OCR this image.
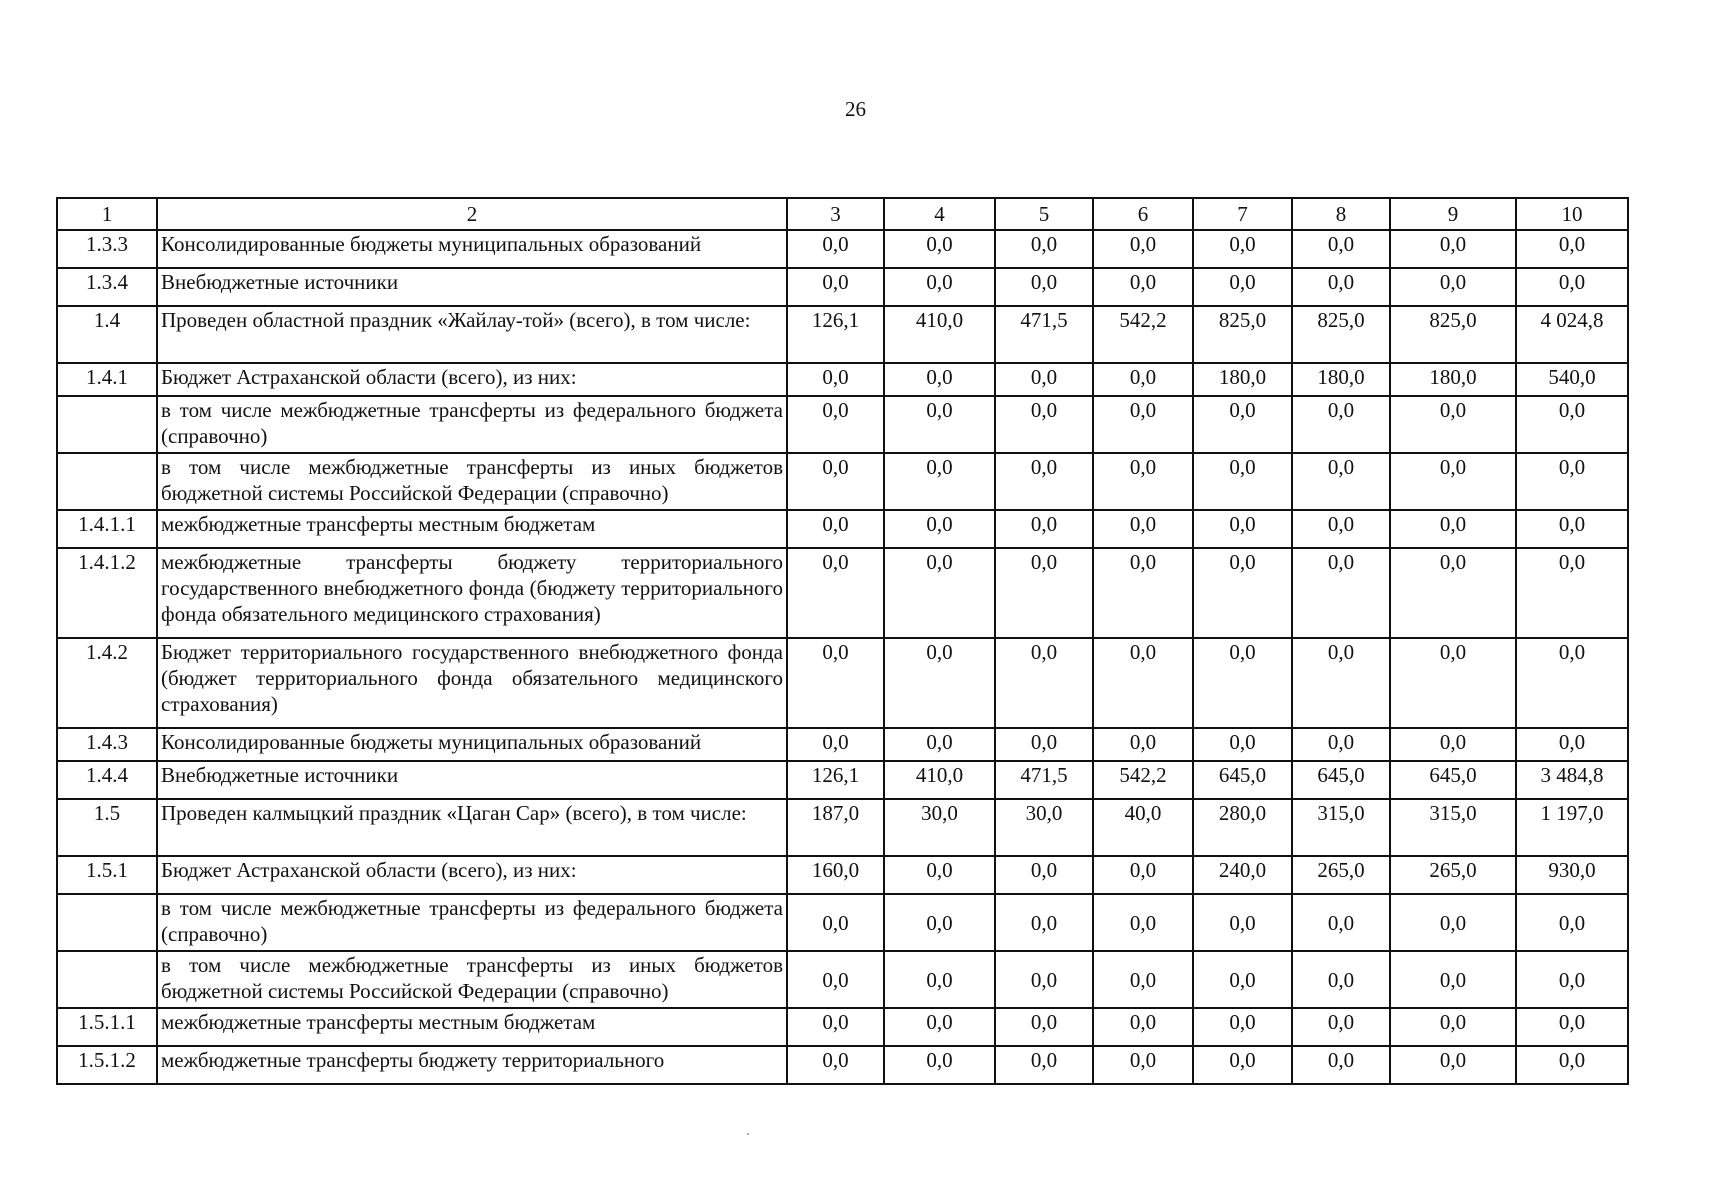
26
1	2	3	4	5	6	7	8	9	10
1.3.3	Консолидированные бюджеты муниципальных образований	0,0	0,0	0,0	0,0	0,0	0,0	0,0	0,0
1.3.4	Внебюджетные источники	0,0	0,0	0,0	0,0	0,0	0,0	0,0	0,0
1.4	Проведен областной праздник «Жайлау-той» (всего), в том числе:	126,1	410,0	471,5	542,2	825,0	825,0	825,0	4 024,8
1.4.1	Бюджет Астраханской области (всего), из них:	0,0	0,0	0,0	0,0	180,0	180,0	180,0	540,0
	в том числе межбюджетные трансферты из федерального бюджета (справочно)	0,0	0,0	0,0	0,0	0,0	0,0	0,0	0,0
	в том числе межбюджетные трансферты из иных бюджетов бюджетной системы Российской Федерации (справочно)	0,0	0,0	0,0	0,0	0,0	0,0	0,0	0,0
1.4.1.1	межбюджетные трансферты местным бюджетам	0,0	0,0	0,0	0,0	0,0	0,0	0,0	0,0
1.4.1.2	межбюджетные трансферты бюджету территориального государственного внебюджетного фонда (бюджету территориального фонда обязательного медицинского страхования)	0,0	0,0	0,0	0,0	0,0	0,0	0,0	0,0
1.4.2	Бюджет территориального государственного внебюджетного фонда (бюджет территориального фонда обязательного медицинского страхования)	0,0	0,0	0,0	0,0	0,0	0,0	0,0	0,0
1.4.3	Консолидированные бюджеты муниципальных образований	0,0	0,0	0,0	0,0	0,0	0,0	0,0	0,0
1.4.4	Внебюджетные источники	126,1	410,0	471,5	542,2	645,0	645,0	645,0	3 484,8
1.5	Проведен калмыцкий праздник «Цаган Сар» (всего), в том числе:	187,0	30,0	30,0	40,0	280,0	315,0	315,0	1 197,0
1.5.1	Бюджет Астраханской области (всего), из них:	160,0	0,0	0,0	0,0	240,0	265,0	265,0	930,0
	в том числе межбюджетные трансферты из федерального бюджета (справочно)	0,0	0,0	0,0	0,0	0,0	0,0	0,0	0,0
	в том числе межбюджетные трансферты из иных бюджетов бюджетной системы Российской Федерации (справочно)	0,0	0,0	0,0	0,0	0,0	0,0	0,0	0,0
1.5.1.1	межбюджетные трансферты местным бюджетам	0,0	0,0	0,0	0,0	0,0	0,0	0,0	0,0
1.5.1.2	межбюджетные трансферты бюджету территориального	0,0	0,0	0,0	0,0	0,0	0,0	0,0	0,0
